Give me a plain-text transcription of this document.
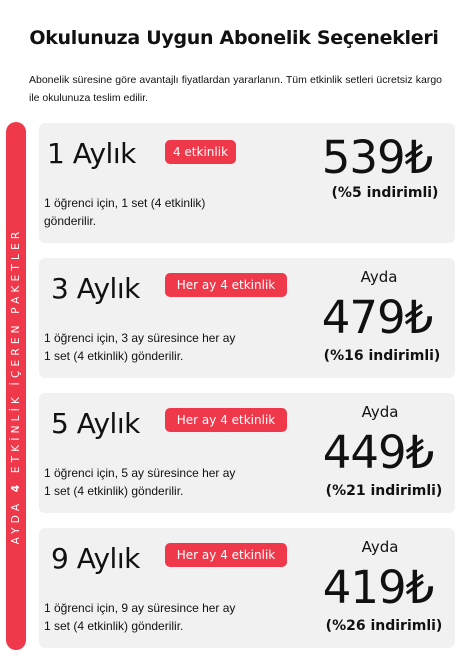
Okulunuza Uygun Abonelik Seçenekleri

Abonelik süresine göre avantajlı fiyatlardan yararlanın. Tüm etkinlik setleri ücretsiz kargo ile okulunuza teslim edilir.

AYDA 4 ETKİNLİK İÇEREN PAKETLER
1 Aylık	4 etkinlik
1 öğrenci için, 1 set (4 etkinlik)
gönderilir.
539₺
(%5 indirimli)
3 Aylık	Her ay 4 etkinlik
1 öğrenci için, 3 ay süresince her ay
1 set (4 etkinlik) gönderilir.
Ayda
479₺
(%16 indirimli)
5 Aylık	Her ay 4 etkinlik
1 öğrenci için, 5 ay süresince her ay
1 set (4 etkinlik) gönderilir.
Ayda
449₺
(%21 indirimli)
9 Aylık	Her ay 4 etkinlik
1 öğrenci için, 9 ay süresince her ay
1 set (4 etkinlik) gönderilir.
Ayda
419₺
(%26 indirimli)
